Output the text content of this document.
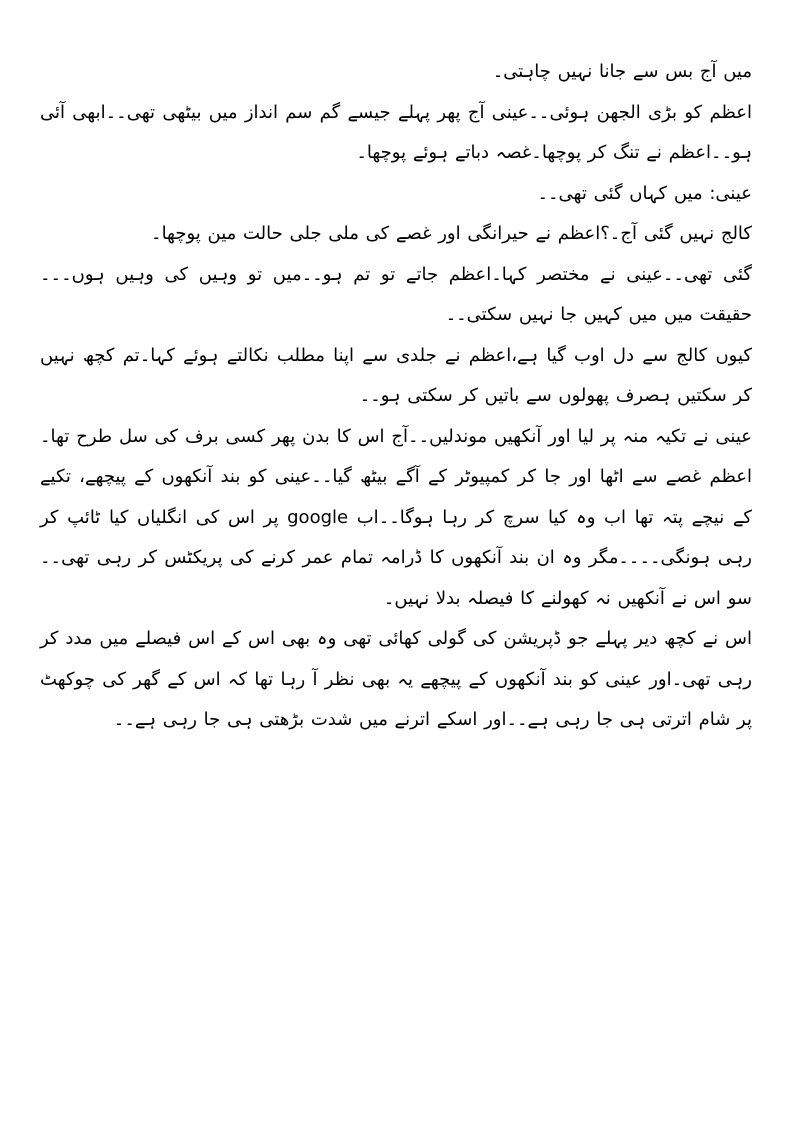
میں آج بس سے جانا نہیں چاہتی۔

اعظم کو بڑی الجھن ہوئی۔۔عینی آج پھر پہلے جیسے گم سم انداز میں بیٹھی تھی۔۔ابھی آئی ہو۔۔اعظم نے تنگ کر پوچھا۔غصہ دباتے ہوئے پوچھا۔

عینی: میں کہاں گئی تھی۔۔

کالج نہیں گئی آج۔؟اعظم نے حیرانگی اور غصے کی ملی جلی حالت مین پوچھا۔

گئی تھی۔۔عینی نے مختصر کہا۔اعظم جاتے تو تم ہو۔۔میں تو وہیں کی وہیں ہوں۔۔۔حقیقت میں میں کہیں جا نہیں سکتی۔۔

کیوں کالج سے دل اوب گیا ہے،اعظم نے جلدی سے اپنا مطلب نکالتے ہوئے کہا۔تم کچھ نہیں کر سکتیں ہصرف پھولوں سے باتیں کر سکتی ہو۔۔

عینی نے تکیہ منہ پر لیا اور آنکھیں موندلیں۔۔آج اس کا بدن پھر کسی برف کی سل طرح تھا۔اعظم غصے سے اٹھا اور جا کر کمپیوٹر کے آگے بیٹھ گیا۔۔عینی کو بند آنکھوں کے پیچھے، تکیے کے نیچے پتہ تھا اب وہ کیا سرچ کر رہا ہوگا۔۔اب google پر اس کی انگلیاں کیا ٹائپ کر رہی ہونگی۔۔۔۔مگر وہ ان بند آنکھوں کا ڈرامہ تمام عمر کرنے کی پریکٹس کر رہی تھی۔۔سو اس نے آنکھیں نہ کھولنے کا فیصلہ بدلا نہیں۔

اس نے کچھ دیر پہلے جو ڈپریشن کی گولی کھائی تھی وہ بھی اس کے اس فیصلے میں مدد کر رہی تھی۔اور عینی کو بند آنکھوں کے پیچھے یہ بھی نظر آ رہا تھا کہ اس کے گھر کی چوکھٹ پر شام اترتی ہی جا رہی ہے۔۔اور اسکے اترنے میں شدت بڑھتی ہی جا رہی ہے۔۔
